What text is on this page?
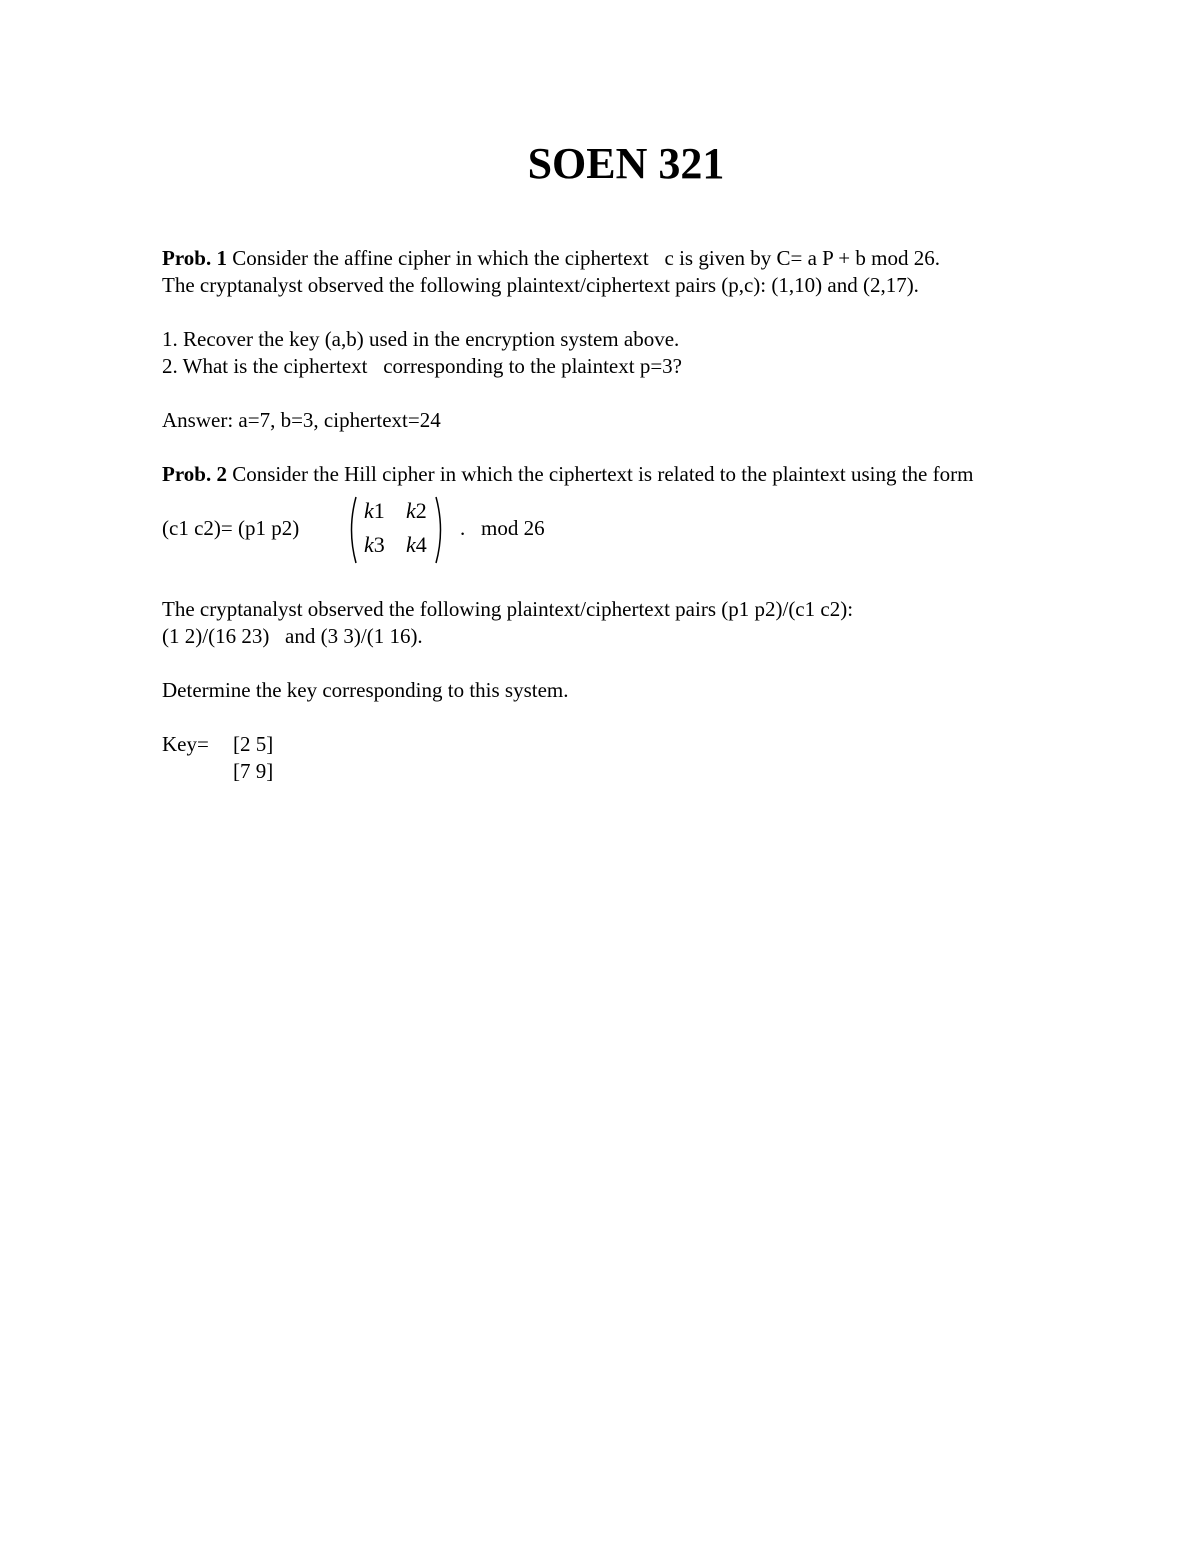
SOEN 321
Prob. 1 Consider the affine cipher in which the ciphertext   c is given by C= a P + b mod 26.
The cryptanalyst observed the following plaintext/ciphertext pairs (p,c): (1,10) and (2,17).
1. Recover the key (a,b) used in the encryption system above.
2. What is the ciphertext   corresponding to the plaintext p=3?
Answer: a=7, b=3, ciphertext=24
Prob. 2 Consider the Hill cipher in which the ciphertext is related to the plaintext using the form
(c1 c2)= (p1 p2)
k1 k2
k3 k4
.   mod 26
The cryptanalyst observed the following plaintext/ciphertext pairs (p1 p2)/(c1 c2):
(1 2)/(16 23)   and (3 3)/(1 16).
Determine the key corresponding to this system.
Key= [2 5]
[7 9]
